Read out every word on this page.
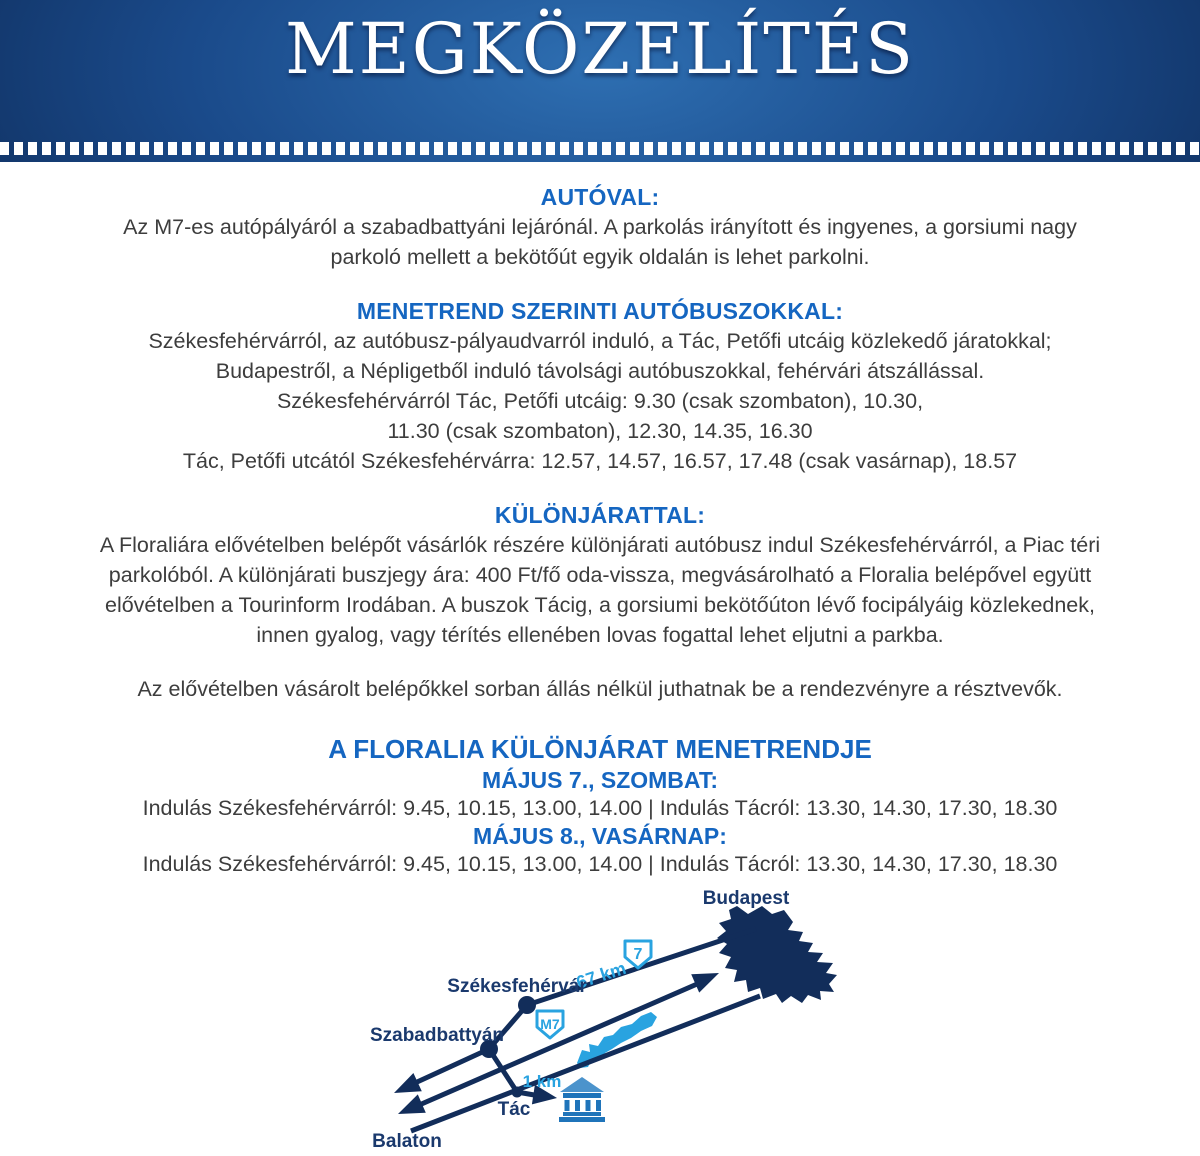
MEGKÖZELÍTÉS
AUTÓVAL:
Az M7-es autópályáról a szabadbattyáni lejárónál. A parkolás irányított és ingyenes, a gorsiumi nagy
parkoló mellett a bekötőút egyik oldalán is lehet parkolni.
MENETREND SZERINTI AUTÓBUSZOKKAL:
Székesfehérvárról, az autóbusz-pályaudvarról induló, a Tác, Petőfi utcáig közlekedő járatokkal;
Budapestről, a Népligetből induló távolsági autóbuszokkal, fehérvári átszállással.
Székesfehérvárról Tác, Petőfi utcáig: 9.30 (csak szombaton), 10.30,
11.30 (csak szombaton), 12.30, 14.35, 16.30
Tác, Petőfi utcától Székesfehérvárra: 12.57, 14.57, 16.57, 17.48 (csak vasárnap), 18.57
KÜLÖNJÁRATTAL:
A Floraliára elővételben belépőt vásárlók részére különjárati autóbusz indul Székesfehérvárról, a Piac téri
parkolóból. A különjárati buszjegy ára: 400 Ft/fő oda-vissza, megvásárolható a Floralia belépővel együtt
elővételben a Tourinform Irodában. A buszok Tácig, a gorsiumi bekötőúton lévő focipályáig közlekednek,
innen gyalog, vagy térítés ellenében lovas fogattal lehet eljutni a parkba.
Az elővételben vásárolt belépőkkel sorban állás nélkül juthatnak be a rendezvényre a résztvevők.
A FLORALIA KÜLÖNJÁRAT MENETRENDJE
MÁJUS 7., SZOMBAT:
Indulás Székesfehérvárról: 9.45, 10.15, 13.00, 14.00 | Indulás Tácról: 13.30, 14.30, 17.30, 18.30
MÁJUS 8., VASÁRNAP:
Indulás Székesfehérvárról: 9.45, 10.15, 13.00, 14.00 | Indulás Tácról: 13.30, 14.30, 17.30, 18.30
7
M7
67 km
1 km
Budapest
Székesfehérvár
Szabadbattyán
Tác
Balaton
